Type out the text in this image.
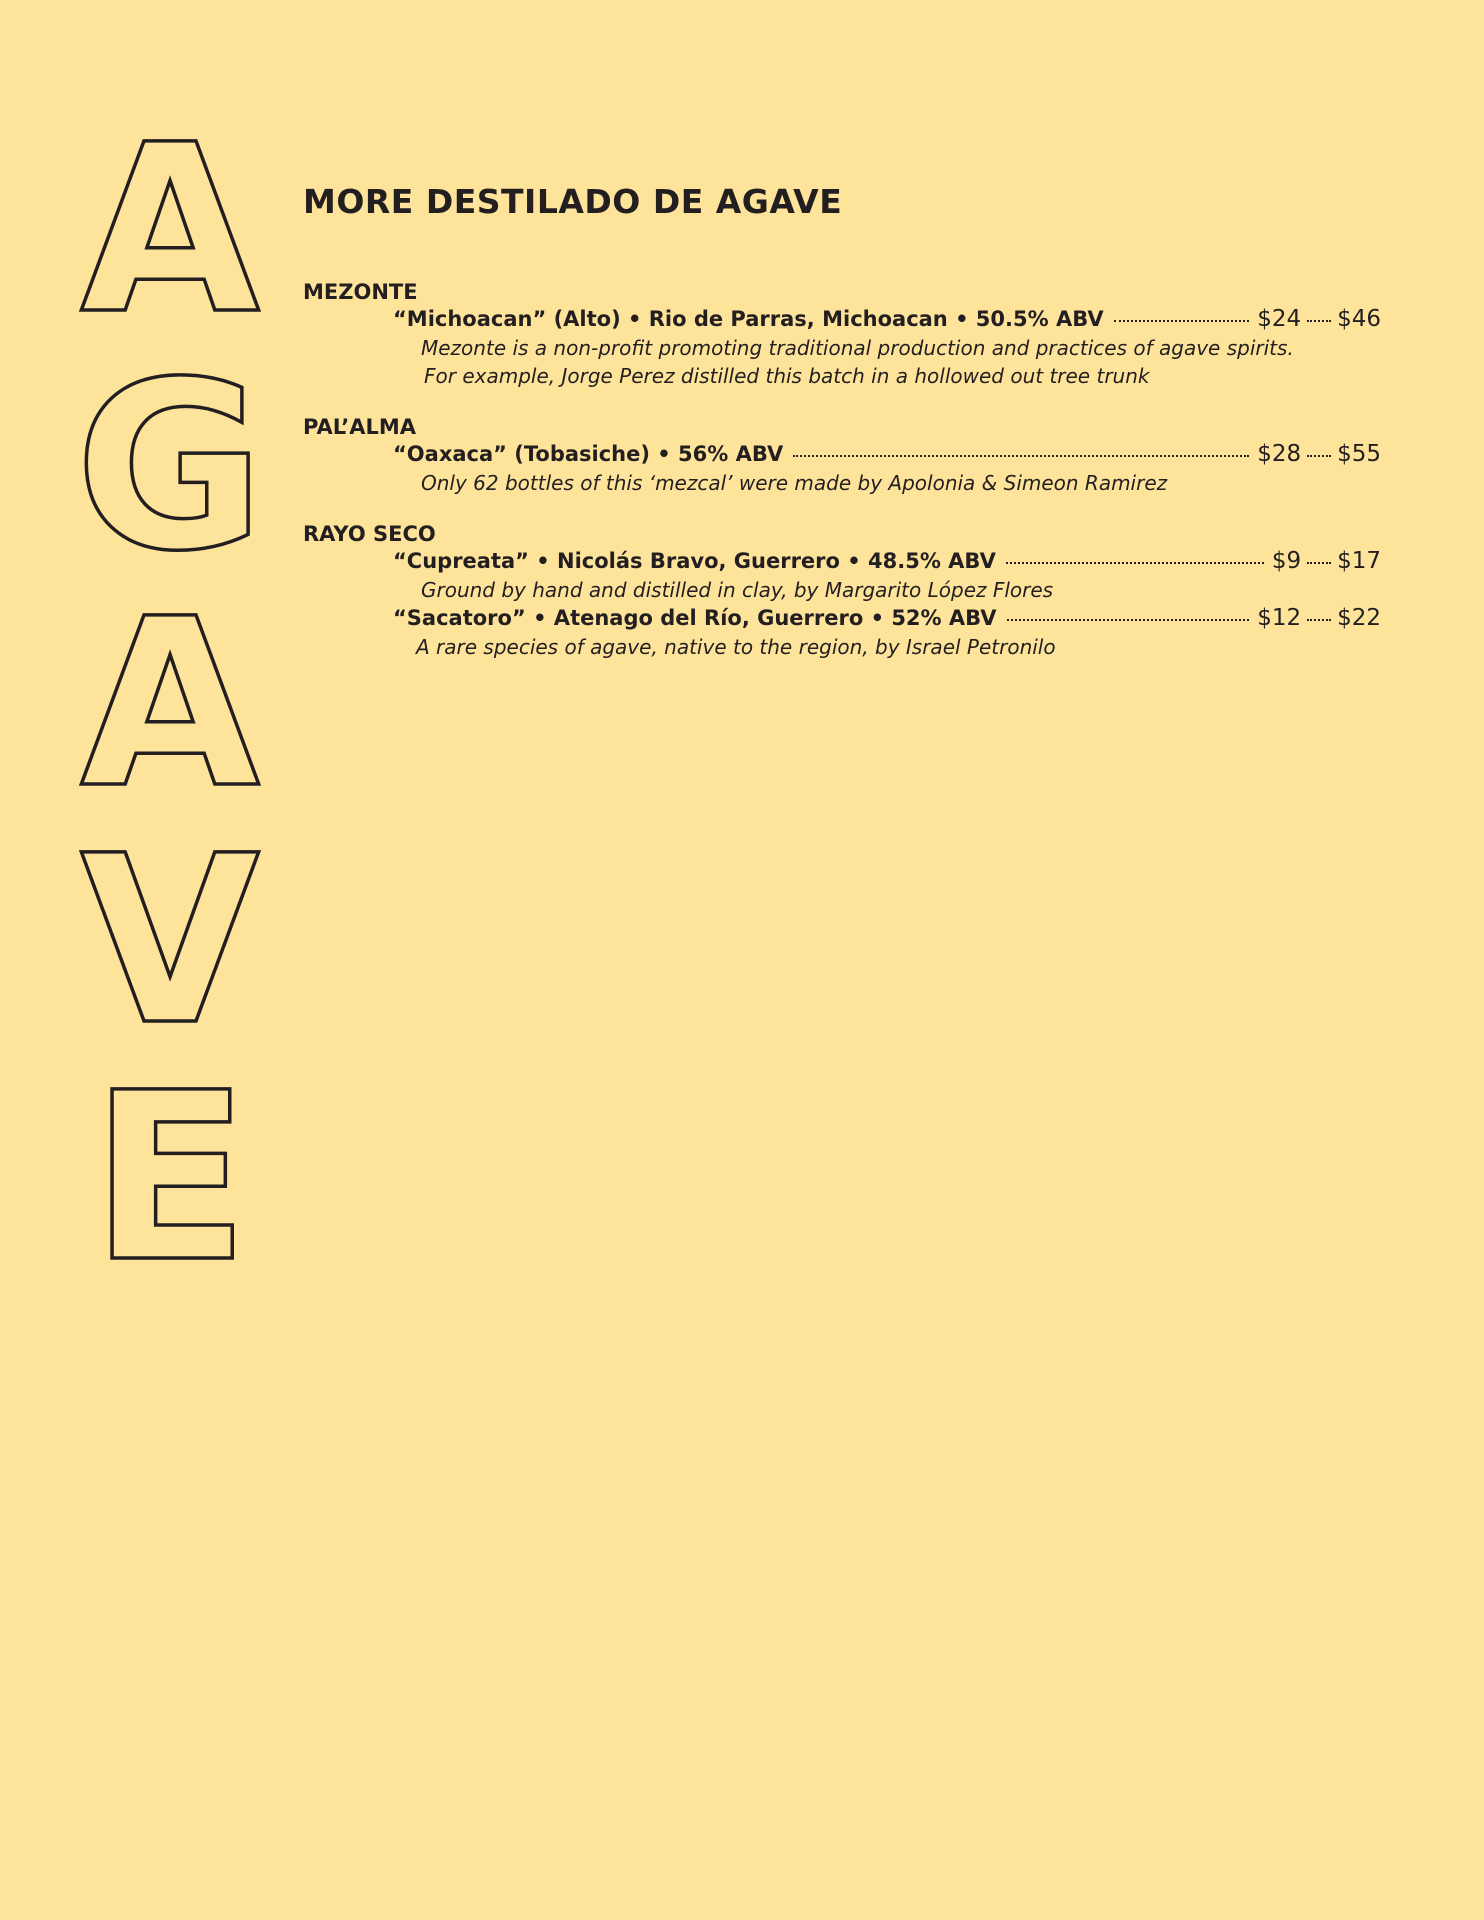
A
G
A
V
E
MORE DESTILADO DE AGAVE
MEZONTE
“Michoacan” (Alto) • Rio de Parras, Michoacan • 50.5% ABV	$24 $46
Mezonte is a non-profit promoting traditional production and practices of agave spirits.
For example, Jorge Perez distilled this batch in a hollowed out tree trunk
PAL’ALMA
“Oaxaca” (Tobasiche) • 56% ABV	$28 $55
Only 62 bottles of this ‘mezcal’ were made by Apolonia & Simeon Ramirez
RAYO SECO
“Cupreata” • Nicolás Bravo, Guerrero • 48.5% ABV	$9 $17
Ground by hand and distilled in clay, by Margarito López Flores
“Sacatoro” • Atenago del Río, Guerrero • 52% ABV	$12 $22
A rare species of agave, native to the region, by Israel Petronilo
